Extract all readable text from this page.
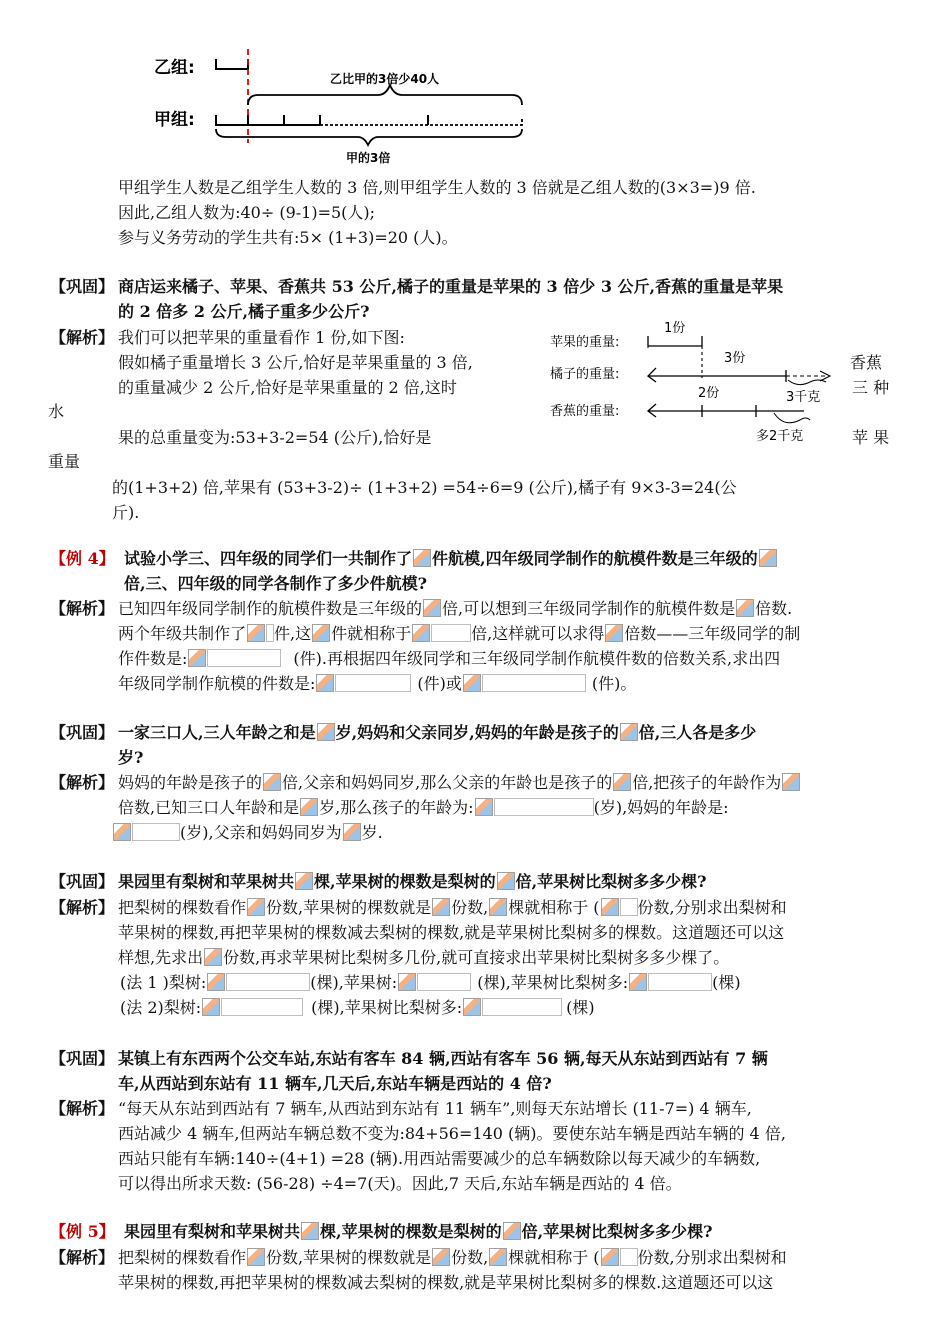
乙组:
甲组:
乙比甲的3倍少40人
甲的3倍
甲组学生人数是乙组学生人数的 3 倍,则甲组学生人数的 3 倍就是乙组人数的(3×3=)9 倍.
因此,乙组人数为:40÷ (9-1)=5(人);
参与义务劳动的学生共有:5× (1+3)=20 (人)。
【巩固】 商店运来橘子、苹果、香蕉共 53 公斤,橘子的重量是苹果的 3 倍少 3 公斤,香蕉的重量是苹果
的 2 倍多 2 公斤,橘子重多少公斤?
【解析】 我们可以把苹果的重量看作 1 份,如下图:
假如橘子重量增长 3 公斤,恰好是苹果重量的 3 倍,	香蕉
的重量减少 2 公斤,恰好是苹果重量的 2 倍,这时	三 种
水
果的总重量变为:53+3-2=54 (公斤),恰好是	苹 果
重量
的(1+3+2) 倍,苹果有 (53+3-2)÷ (1+3+2) =54÷6=9 (公斤),橘子有 9×3-3=24(公
斤).
苹果的重量:
橘子的重量:
香蕉的重量:
1份
3份
2份	3千克
多2千克
【例 4】 试验小学三、四年级的同学们一共制作了 件航模,四年级同学制作的航模件数是三年级的
倍,三、四年级的同学各制作了多少件航模?
【解析】 已知四年级同学制作的航模件数是三年级的 倍,可以想到三年级同学制作的航模件数是 倍数.
两个年级共制作了 件,这 件就相称于	倍,这样就可以求得 倍数——三年级同学的制
作件数是:	(件).再根据四年级同学和三年级同学制作航模件数的倍数关系,求出四
年级同学制作航模的件数是:	(件)或	(件)。
【巩固】 一家三口人,三人年龄之和是 岁,妈妈和父亲同岁,妈妈的年龄是孩子的 倍,三人各是多少
岁?
【解析】 妈妈的年龄是孩子的 倍,父亲和妈妈同岁,那么父亲的年龄也是孩子的 倍,把孩子的年龄作为
倍数,已知三口人年龄和是 岁,那么孩子的年龄为:	(岁),妈妈的年龄是:
(岁),父亲和妈妈同岁为 岁.
【巩固】 果园里有梨树和苹果树共 棵,苹果树的棵数是梨树的 倍,苹果树比梨树多多少棵?
【解析】 把梨树的棵数看作 份数,苹果树的棵数就是 份数, 棵就相称于 ( 份数,分别求出梨树和
苹果树的棵数,再把苹果树的棵数减去梨树的棵数,就是苹果树比梨树多的棵数。这道题还可以这
样想,先求出 份数,再求苹果树比梨树多几份,就可直接求出苹果树比梨树多多少棵了。
(法 1 )梨树:	(棵),苹果树:	(棵),苹果树比梨树多:	(棵)
(法 2)梨树:	(棵),苹果树比梨树多:	(棵)
【巩固】 某镇上有东西两个公交车站,东站有客车 84 辆,西站有客车 56 辆,每天从东站到西站有 7 辆
车,从西站到东站有 11 辆车,几天后,东站车辆是西站的 4 倍?
【解析】 “每天从东站到西站有 7 辆车,从西站到东站有 11 辆车”,则每天东站增长 (11-7=) 4 辆车,
西站减少 4 辆车,但两站车辆总数不变为:84+56=140 (辆)。要使东站车辆是西站车辆的 4 倍,
西站只能有车辆:140÷(4+1) =28 (辆).用西站需要减少的总车辆数除以每天减少的车辆数,
可以得出所求天数: (56-28) ÷4=7(天)。因此,7 天后,东站车辆是西站的 4 倍。
【例 5】 果园里有梨树和苹果树共 棵,苹果树的棵数是梨树的 倍,苹果树比梨树多多少棵?
【解析】 把梨树的棵数看作 份数,苹果树的棵数就是 份数, 棵就相称于 ( 份数,分别求出梨树和
苹果树的棵数,再把苹果树的棵数减去梨树的棵数,就是苹果树比梨树多的棵数.这道题还可以这
